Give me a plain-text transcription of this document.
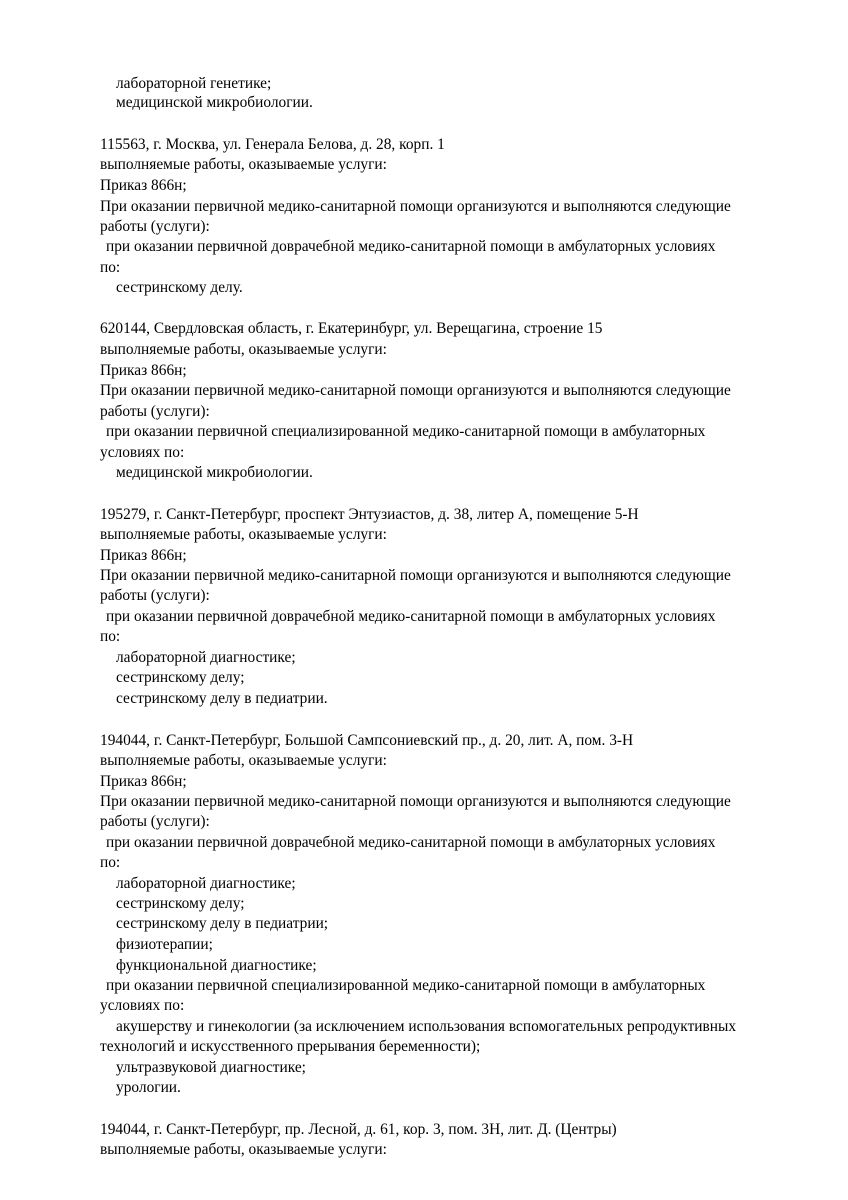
лабораторной генетике;
медицинской микробиологии.
115563, г. Москва, ул. Генерала Белова, д. 28, корп. 1
выполняемые работы, оказываемые услуги:
Приказ 866н;
При оказании первичной медико-санитарной помощи организуются и выполняются следующие
работы (услуги):
при оказании первичной доврачебной медико-санитарной помощи в амбулаторных условиях
по:
сестринскому делу.
620144, Свердловская область, г. Екатеринбург, ул. Верещагина, строение 15
выполняемые работы, оказываемые услуги:
Приказ 866н;
При оказании первичной медико-санитарной помощи организуются и выполняются следующие
работы (услуги):
при оказании первичной специализированной медико-санитарной помощи в амбулаторных
условиях по:
медицинской микробиологии.
195279, г. Санкт-Петербург, проспект Энтузиастов, д. 38, литер А, помещение 5-Н
выполняемые работы, оказываемые услуги:
Приказ 866н;
При оказании первичной медико-санитарной помощи организуются и выполняются следующие
работы (услуги):
при оказании первичной доврачебной медико-санитарной помощи в амбулаторных условиях
по:
лабораторной диагностике;
сестринскому делу;
сестринскому делу в педиатрии.
194044, г. Санкт-Петербург, Большой Сампсониевский пр., д. 20, лит. А, пом. 3-Н
выполняемые работы, оказываемые услуги:
Приказ 866н;
При оказании первичной медико-санитарной помощи организуются и выполняются следующие
работы (услуги):
при оказании первичной доврачебной медико-санитарной помощи в амбулаторных условиях
по:
лабораторной диагностике;
сестринскому делу;
сестринскому делу в педиатрии;
физиотерапии;
функциональной диагностике;
при оказании первичной специализированной медико-санитарной помощи в амбулаторных
условиях по:
акушерству и гинекологии (за исключением использования вспомогательных репродуктивных
технологий и искусственного прерывания беременности);
ультразвуковой диагностике;
урологии.
194044, г. Санкт-Петербург, пр. Лесной, д. 61, кор. 3, пом. 3Н, лит. Д. (Центры)
выполняемые работы, оказываемые услуги:
